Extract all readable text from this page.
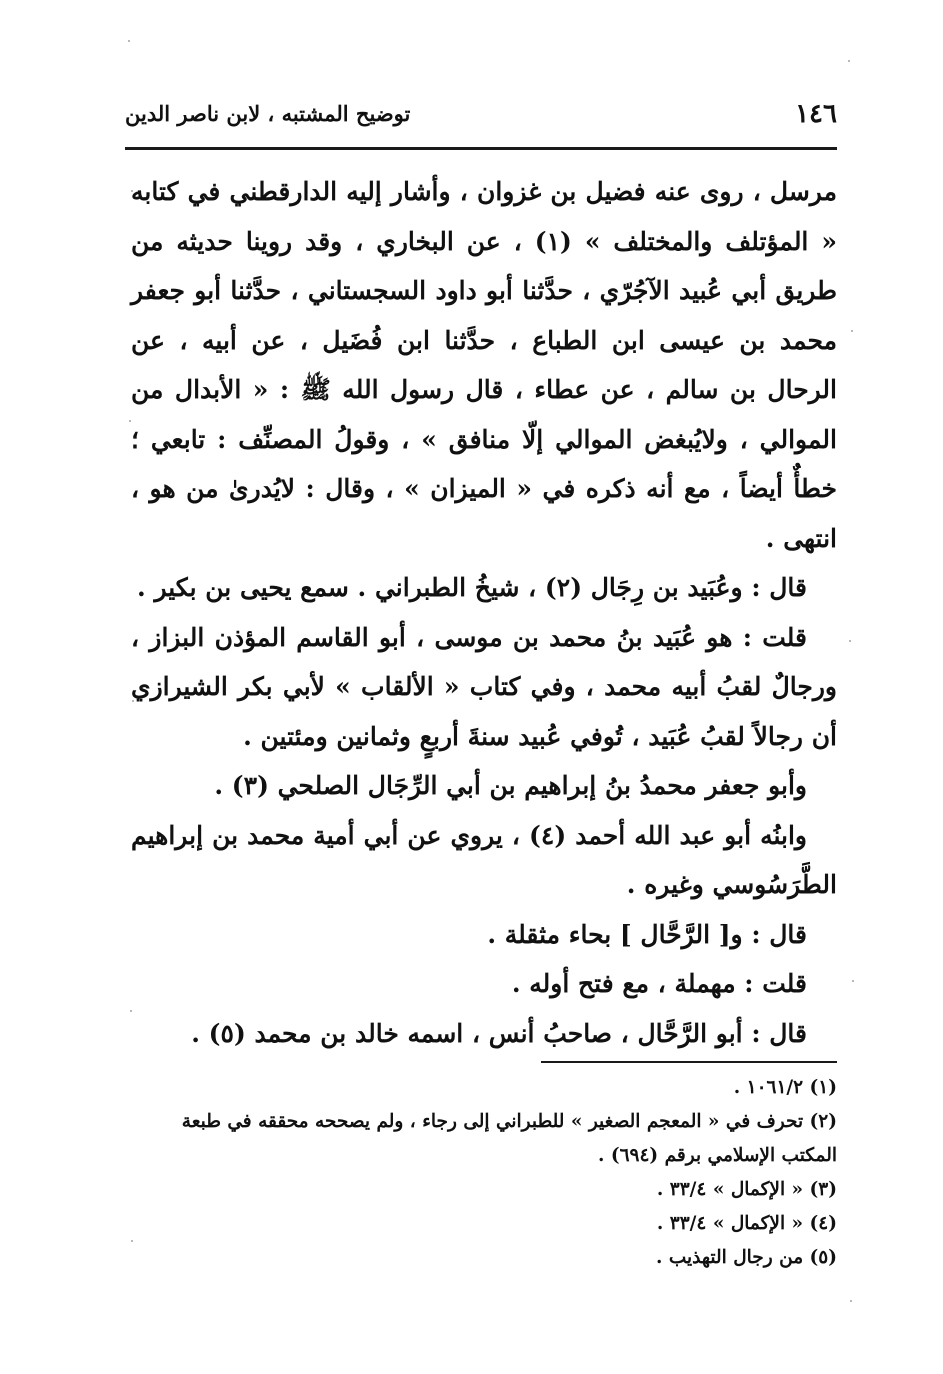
١٤٦
توضيح المشتبه ، لابن ناصر الدين

مرسل ، روى عنه فضيل بن غزوان ، وأشار إليه الدارقطني في كتابه « المؤتلف والمختلف » (١) ، عن البخاري ، وقد روينا حديثه من طريق أبي عُبيد الآجُرّي ، حدَّثنا أبو داود السجستاني ، حدَّثنا أبو جعفر محمد بن عيسى ابن الطباع ، حدَّثنا ابن فُضَيل ، عن أبيه ، عن الرحال بن سالم ، عن عطاء ، قال رسول الله ﷺ : « الأبدال من الموالي ، ولايُبغض الموالي إلّا منافق » ، وقولُ المصنِّف : تابعي ؛ خطأٌ أيضاً ، مع أنه ذكره في « الميزان » ، وقال : لايُدرىٰ من هو ، انتهى .

قال : وعُبَيد بن رِجَال (٢) ، شيخُ الطبراني . سمع يحيى بن بكير .

قلت : هو عُبَيد بنُ محمد بن موسى ، أبو القاسم المؤذن البزاز ، ورجالٌ لقبُ أبيه محمد ، وفي كتاب « الألقاب » لأبي بكر الشيرازي أن رجالاً لقبُ عُبَيد ، تُوفي عُبيد سنةَ أربعٍ وثمانين ومئتين .

وأبو جعفر محمدُ بنُ إبراهيم بن أبي الرِّجَال الصلحي (٣) .

وابنُه أبو عبد الله أحمد (٤) ، يروي عن أبي أمية محمد بن إبراهيم الطَّرَسُوسي وغيره .

قال : و[ الرَّحَّال ] بحاء مثقلة .

قلت : مهملة ، مع فتح أوله .

قال : أبو الرَّحَّال ، صاحبُ أنس ، اسمه خالد بن محمد (٥) .

(١) ١٠٦١/٢ .

(٢) تحرف في « المعجم الصغير » للطبراني إلى رجاء ، ولم يصححه محققه في طبعة المكتب الإسلامي برقم (٦٩٤) .

(٣) « الإكمال » ٣٣/٤ .

(٤) « الإكمال » ٣٣/٤ .

(٥) من رجال التهذيب .
